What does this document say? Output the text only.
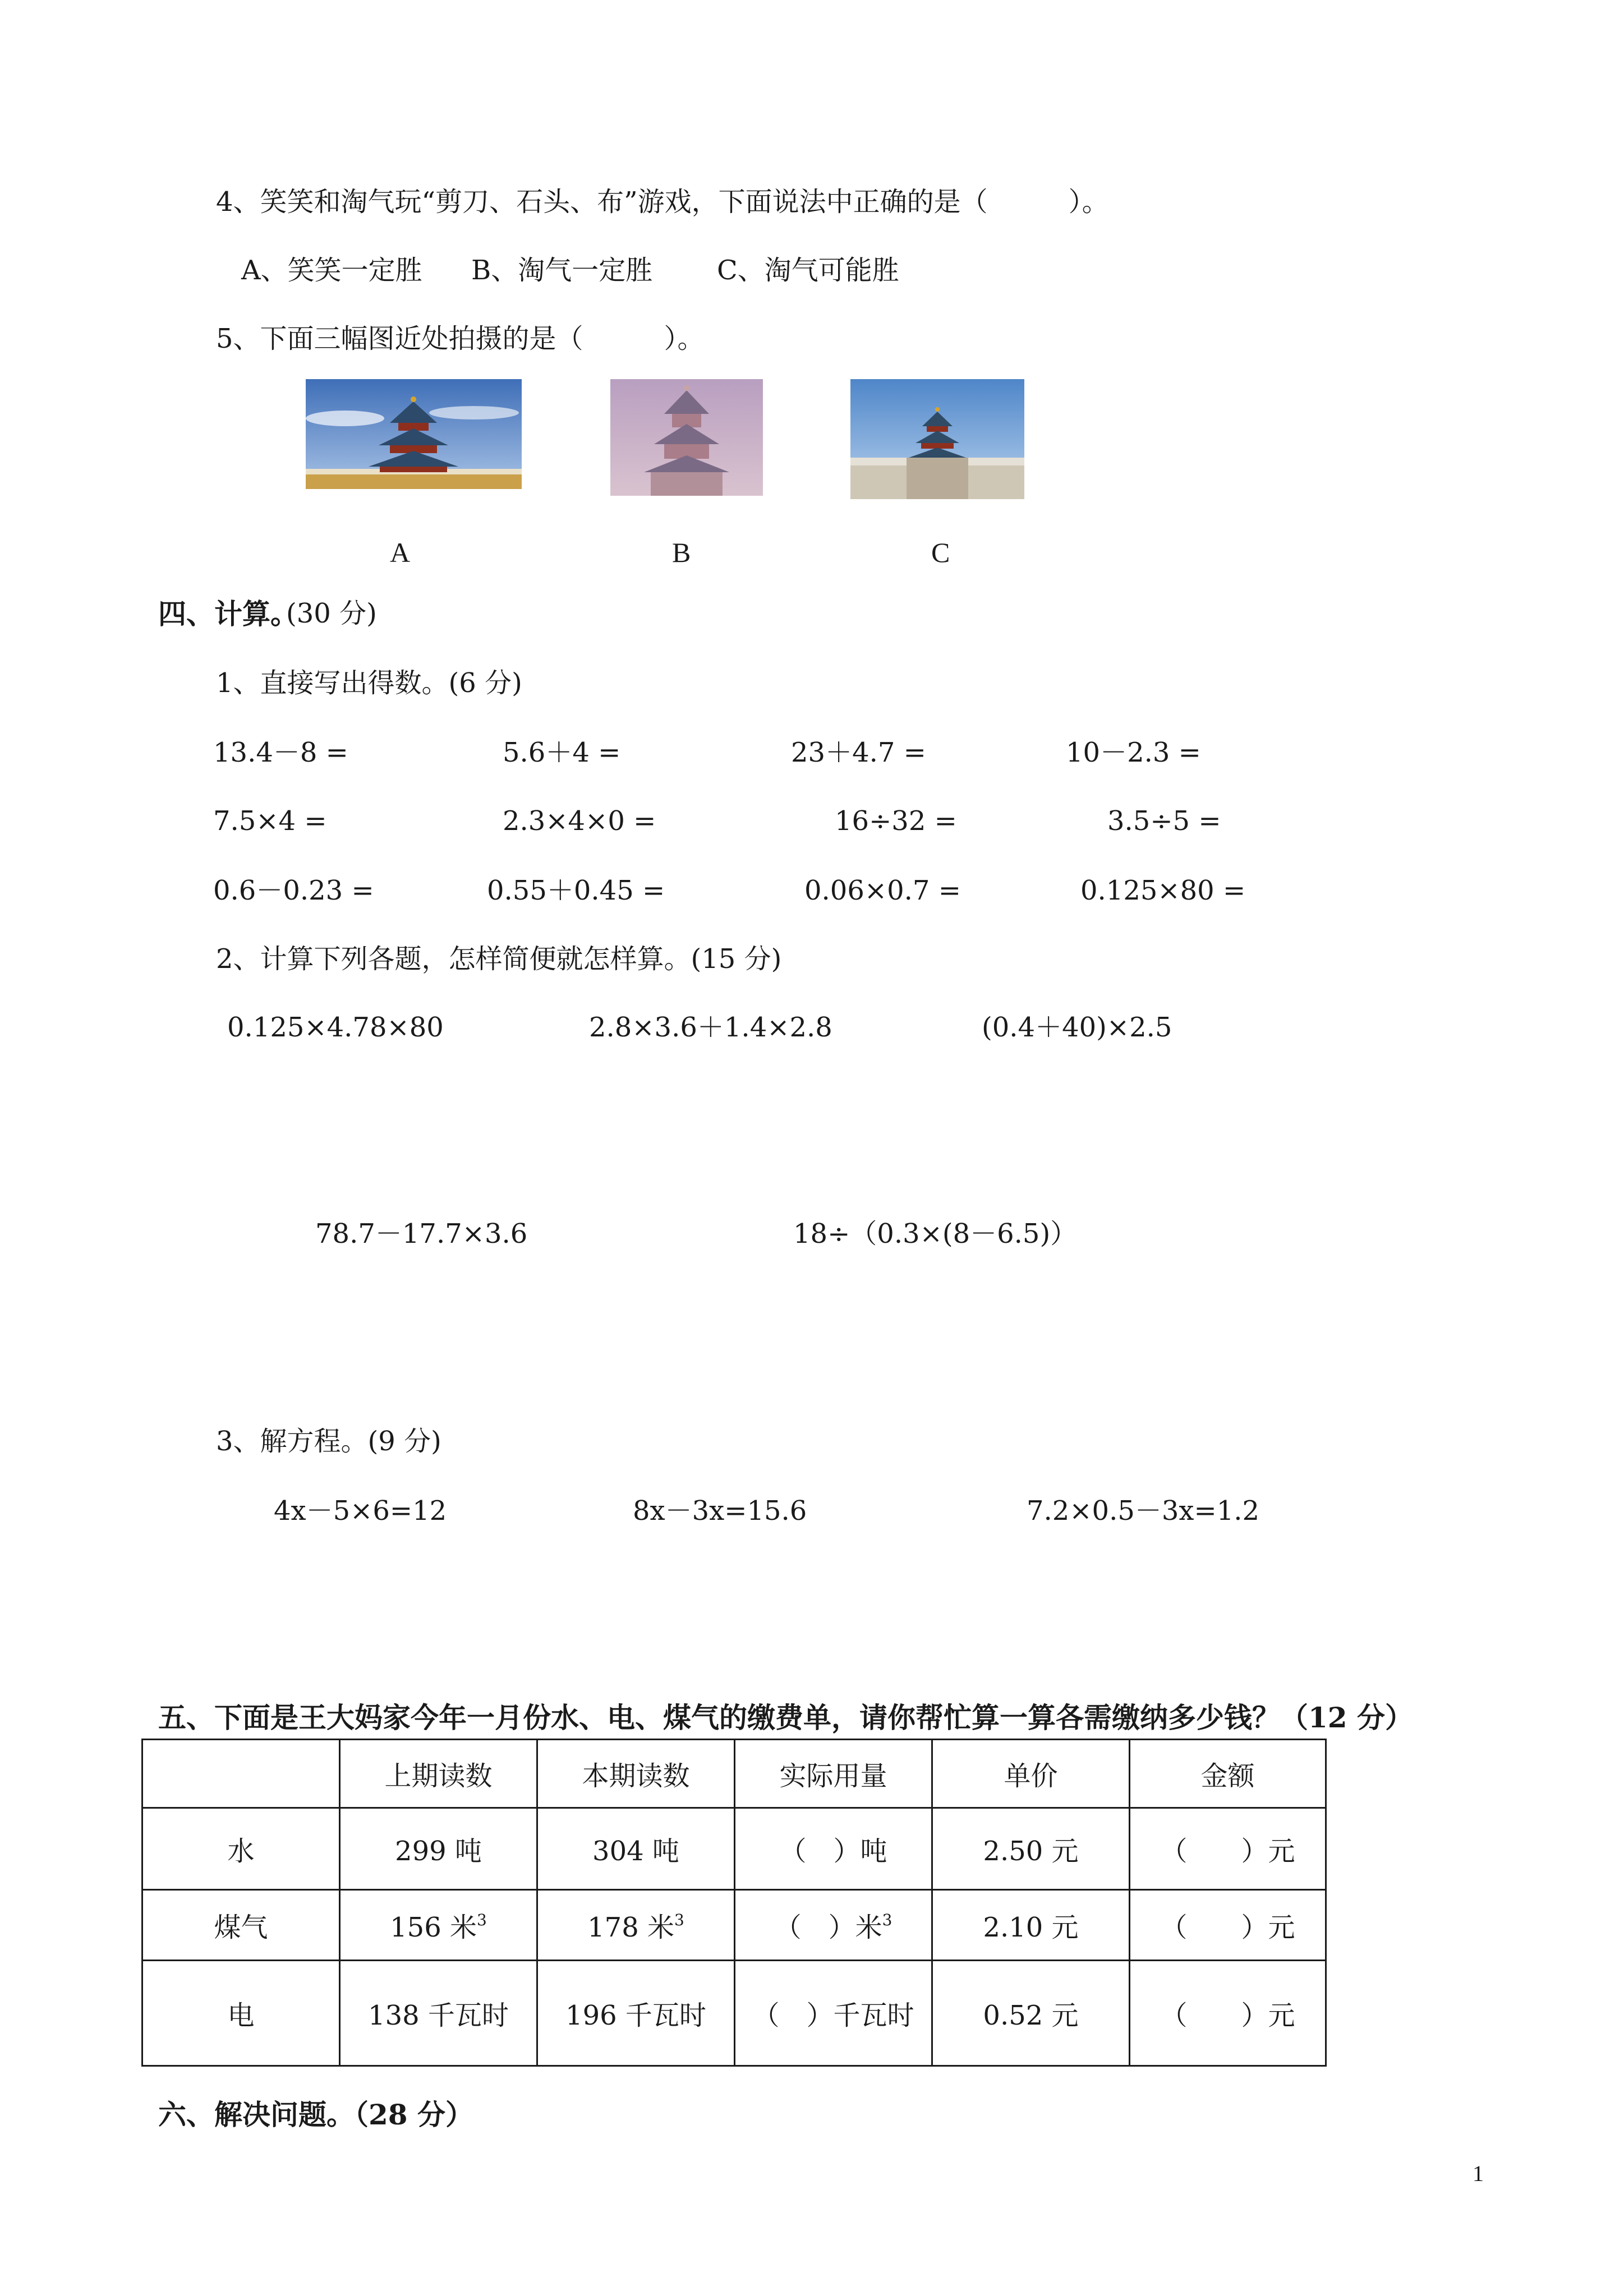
4、笑笑和淘气玩“剪刀、石头、布”游戏，下面说法中正确的是（　　　）。
A、笑笑一定胜 B、淘气一定胜 C、淘气可能胜
5、下面三幅图近处拍摄的是（　　　）。
A	B	C
四、计算。
(30 分)
1、直接写出得数。(6 分)
13.4－8 =	5.6＋4 =	23＋4.7 =	10－2.3 =
7.5×4 =	2.3×4×0 =	16÷32 =	3.5÷5 =
0.6－0.23 =	0.55＋0.45 =	0.06×0.7 =	0.125×80 =
2、计算下列各题，怎样简便就怎样算。(15 分)
0.125×4.78×80	2.8×3.6＋1.4×2.8	(0.4＋40)×2.5
78.7－17.7×3.6	18÷（0.3×(8－6.5)）
3、解方程。(9 分)
4x－5×6=12	8x－3x=15.6	7.2×0.5－3x=1.2
五、下面是王大妈家今年一月份水、电、煤气的缴费单，请你帮忙算一算各需缴纳多少钱？（12 分）
	上期读数	本期读数	实际用量	单价	金额
水	299 吨	304 吨	（　）吨	2.50 元	（　　）元
煤气	156 米$^3$	178 米$^3$	（　）米$^3$	2.10 元	（　　）元
电	138 千瓦时	196 千瓦时	（　）千瓦时	0.52 元	（　　）元
六、解决问题。（28 分）
1
